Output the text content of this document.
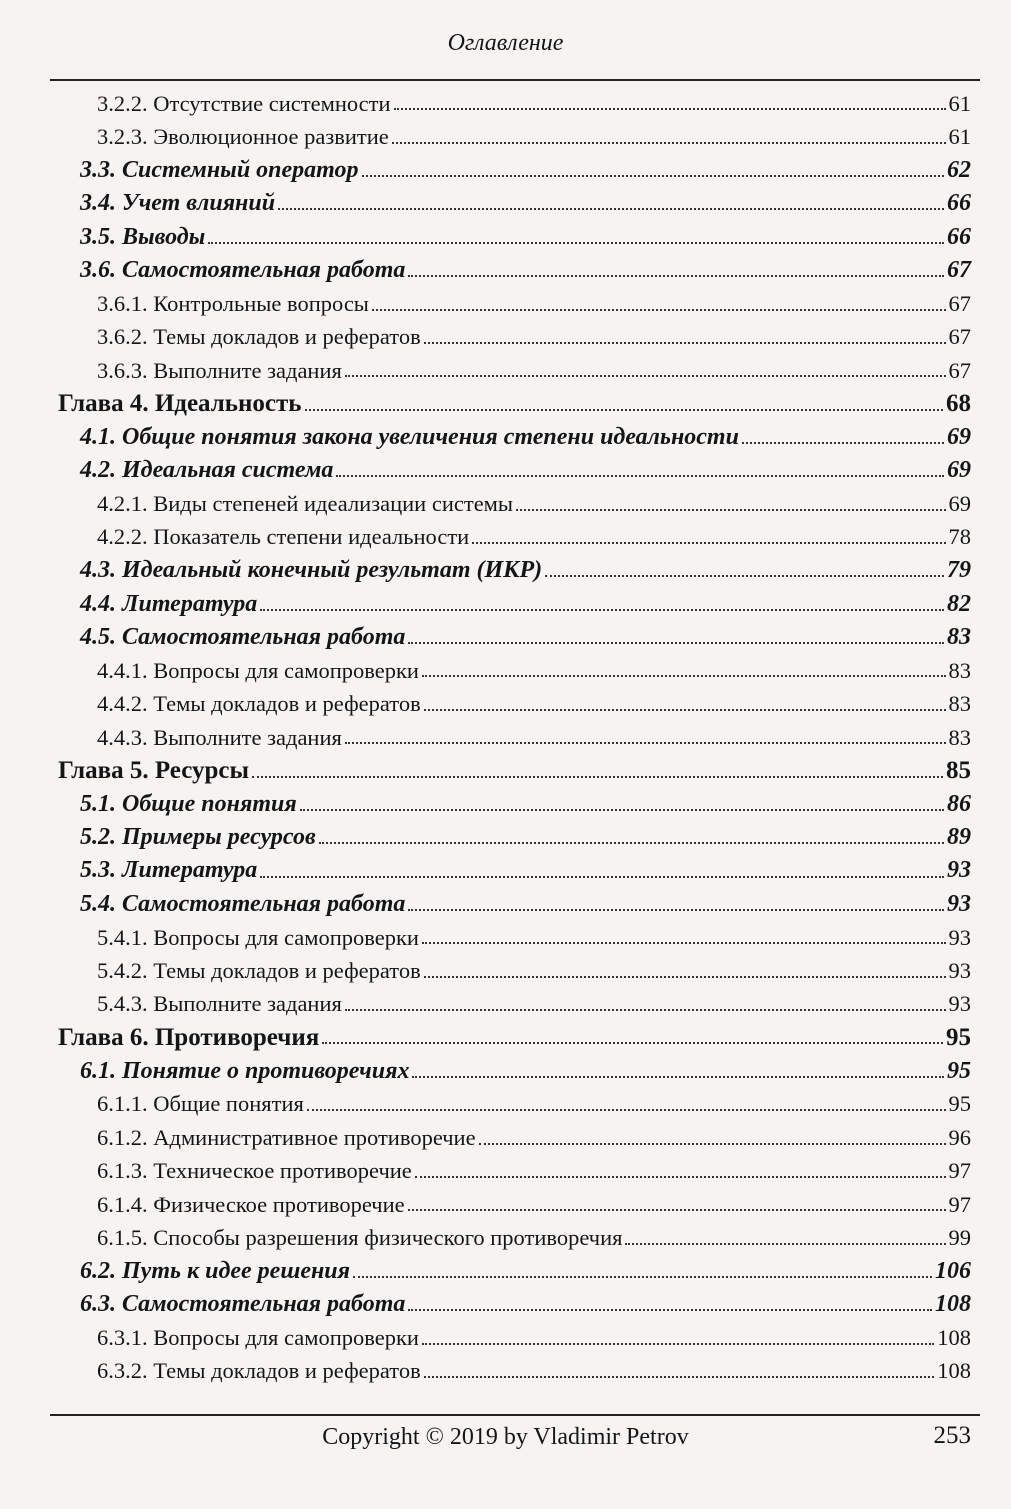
Оглавление
3.2.2. Отсутствие системности	61
3.2.3. Эволюционное развитие	61
3.3. Системный оператор	62
3.4. Учет влияний	66
3.5. Выводы	66
3.6. Самостоятельная работа	67
3.6.1. Контрольные вопросы	67
3.6.2. Темы докладов и рефератов	67
3.6.3. Выполните задания	67
Глава 4. Идеальность	68
4.1. Общие понятия закона увеличения степени идеальности	69
4.2. Идеальная система	69
4.2.1. Виды степеней идеализации системы	69
4.2.2. Показатель степени идеальности	78
4.3. Идеальный конечный результат (ИКР)	79
4.4. Литература	82
4.5. Самостоятельная работа	83
4.4.1. Вопросы для самопроверки	83
4.4.2. Темы докладов и рефератов	83
4.4.3. Выполните задания	83
Глава 5. Ресурсы	85
5.1. Общие понятия	86
5.2. Примеры ресурсов	89
5.3. Литература	93
5.4. Самостоятельная работа	93
5.4.1. Вопросы для самопроверки	93
5.4.2. Темы докладов и рефератов	93
5.4.3. Выполните задания	93
Глава 6. Противоречия	95
6.1. Понятие о противоречиях	95
6.1.1. Общие понятия	95
6.1.2. Административное противоречие	96
6.1.3. Техническое противоречие	97
6.1.4. Физическое противоречие	97
6.1.5. Способы разрешения физического противоречия	99
6.2. Путь к идее решения	106
6.3. Самостоятельная работа	108
6.3.1. Вопросы для самопроверки	108
6.3.2. Темы докладов и рефератов	108
Copyright © 2019 by Vladimir Petrov	253
